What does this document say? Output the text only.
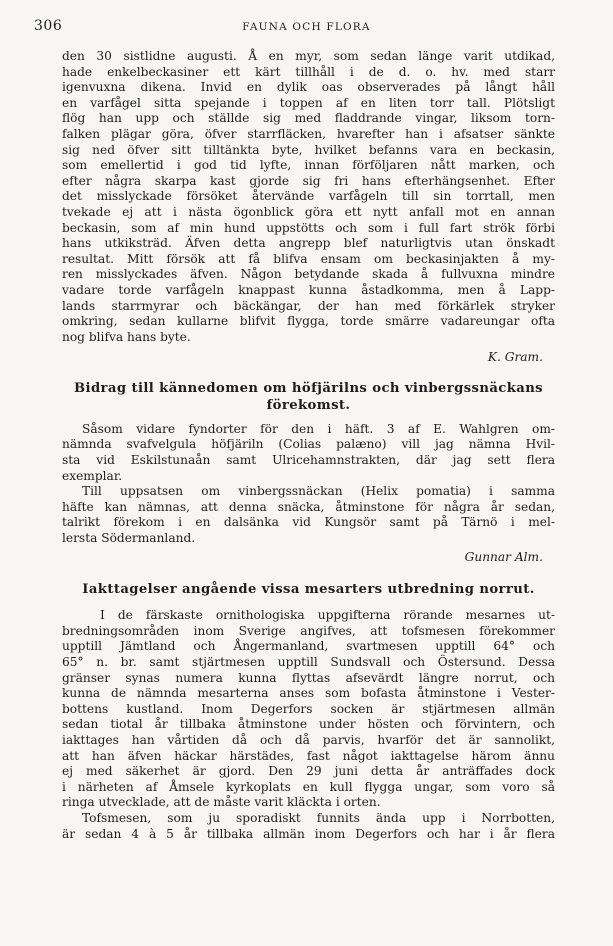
306	FAUNA OCH FLORA
den 30 sistlidne augusti. Å en myr, som sedan länge varit utdikad,
hade enkelbeckasiner ett kärt tillhåll i de d. o. hv. med starr
igenvuxna dikena. Invid en dylik oas observerades på långt håll
en varfågel sitta spejande i toppen af en liten torr tall. Plötsligt
flög han upp och ställde sig med fladdrande vingar, liksom torn-
falken plägar göra, öfver starrfläcken, hvarefter han i afsatser sänkte
sig ned öfver sitt tilltänkta byte, hvilket befanns vara en beckasin,
som emellertid i god tid lyfte, innan förföljaren nått marken, och
efter några skarpa kast gjorde sig fri hans efterhängsenhet. Efter
det misslyckade försöket återvände varfågeln till sin torrtall, men
tvekade ej att i nästa ögonblick göra ett nytt anfall mot en annan
beckasin, som af min hund uppstötts och som i full fart strök förbi
hans utkiksträd. Äfven detta angrepp blef naturligtvis utan önskadt
resultat. Mitt försök att få blifva ensam om beckasinjakten å my-
ren misslyckades äfven. Någon betydande skada å fullvuxna mindre
vadare torde varfågeln knappast kunna åstadkomma, men å Lapp-
lands starrmyrar och bäckängar, der han med förkärlek stryker
omkring, sedan kullarne blifvit flygga, torde smärre vadareungar ofta
nog blifva hans byte.
K. Gram.
Bidrag till kännedomen om höfjärilns och vinbergssnäckans
förekomst.
Såsom vidare fyndorter för den i häft. 3 af E. Wahlgren om-
nämnda svafvelgula höfjäriln (Colias palæno) vill jag nämna Hvil-
sta vid Eskilstunaån samt Ulricehamnstrakten, där jag sett flera
exemplar.
Till uppsatsen om vinbergssnäckan (Helix pomatia) i samma
häfte kan nämnas, att denna snäcka, åtminstone för några år sedan,
talrikt förekom i en dalsänka vid Kungsör samt på Tärnö i mel-
lersta Södermanland.
Gunnar Alm.
Iakttagelser angående vissa mesarters utbredning norrut.
I de färskaste ornithologiska uppgifterna rörande mesarnes ut-
bredningsområden inom Sverige angifves, att tofsmesen förekommer
upptill Jämtland och Ångermanland, svartmesen upptill 64° och
65° n. br. samt stjärtmesen upptill Sundsvall och Östersund. Dessa
gränser synas numera kunna flyttas afsevärdt längre norrut, och
kunna de nämnda mesarterna anses som bofasta åtminstone i Vester-
bottens kustland. Inom Degerfors socken är stjärtmesen allmän
sedan tiotal år tillbaka åtminstone under hösten och förvintern, och
iakttages han vårtiden då och då parvis, hvarför det är sannolikt,
att han äfven häckar härstädes, fast något iakttagelse härom ännu
ej med säkerhet är gjord. Den 29 juni detta år anträffades dock
i närheten af Åmsele kyrkoplats en kull flygga ungar, som voro så
ringa utvecklade, att de måste varit kläckta i orten.
Tofsmesen, som ju sporadiskt funnits ända upp i Norrbotten,
är sedan 4 à 5 år tillbaka allmän inom Degerfors och har i år flera
